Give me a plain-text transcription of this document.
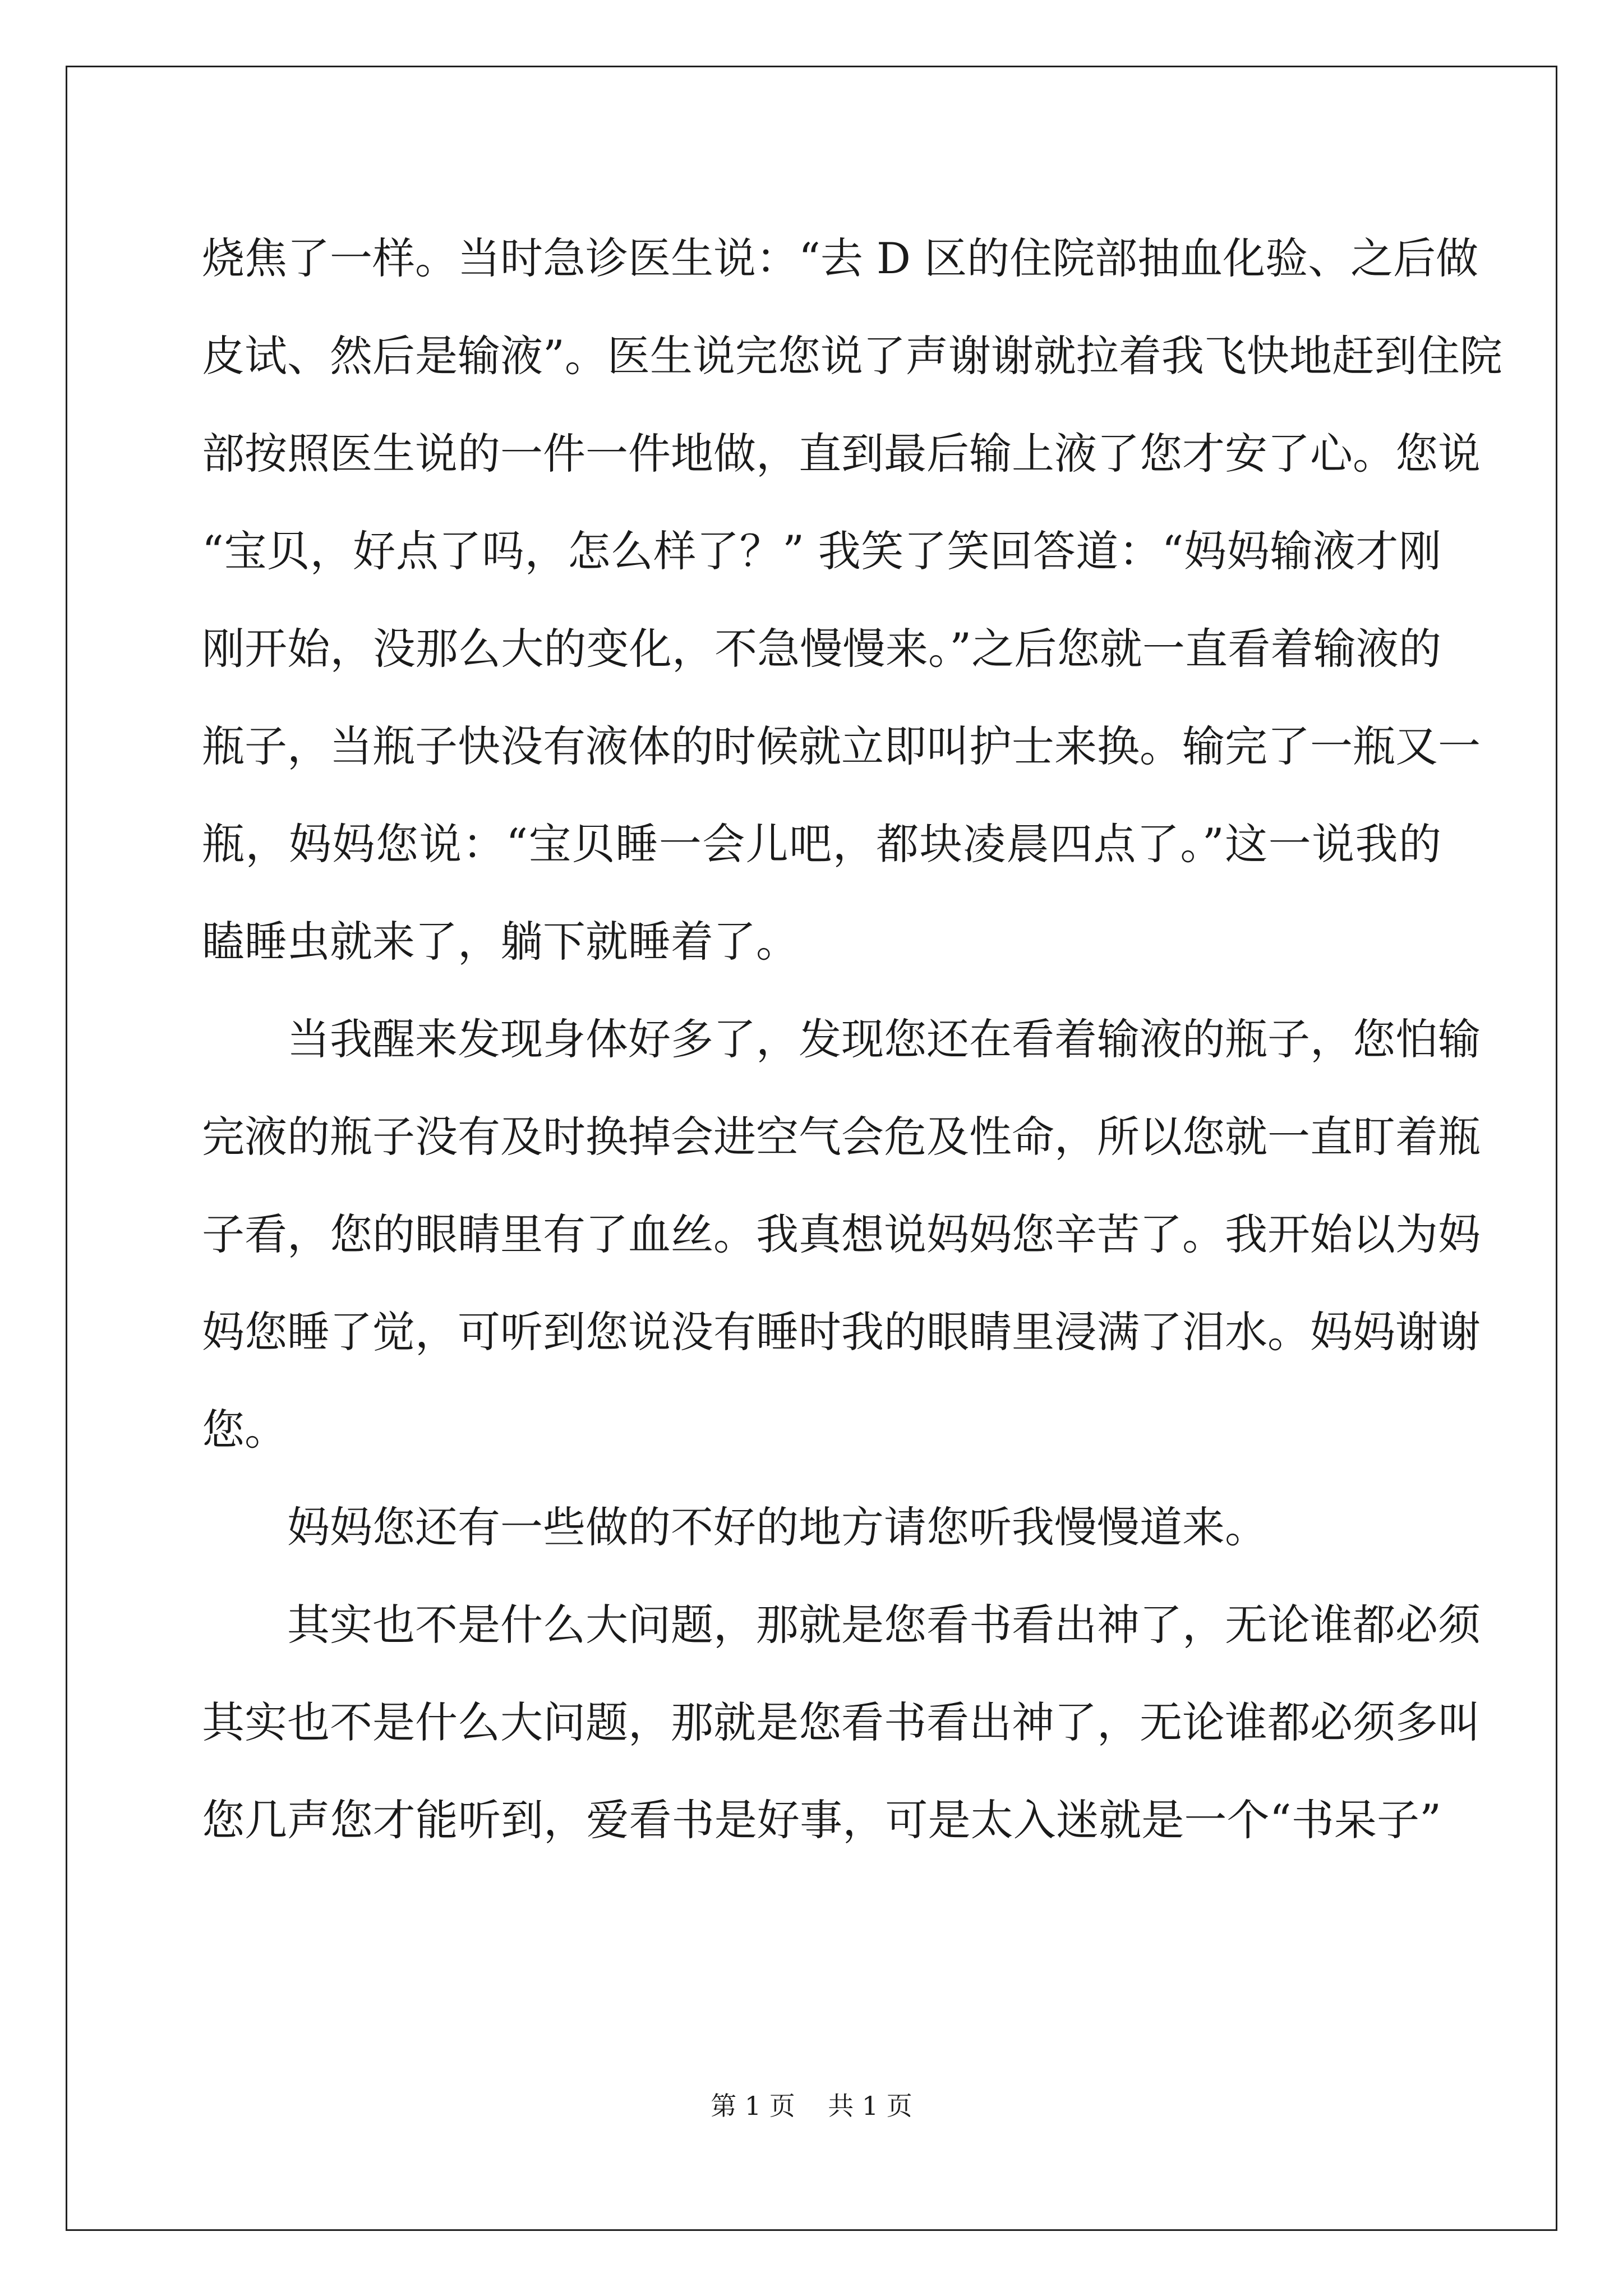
烧焦了一样。当时急诊医生说：“去 D 区的住院部抽血化验、之后做
皮试、然后是输液”。医生说完您说了声谢谢就拉着我飞快地赶到住院
部按照医生说的一件一件地做，直到最后输上液了您才安了心。您说
“宝贝，好点了吗，怎么样了？” 我笑了笑回答道：“妈妈输液才刚
刚开始，没那么大的变化，不急慢慢来。”之后您就一直看着输液的
瓶子，当瓶子快没有液体的时候就立即叫护士来换。输完了一瓶又一
瓶，妈妈您说：“宝贝睡一会儿吧，都块凌晨四点了。”这一说我的
瞌睡虫就来了，躺下就睡着了。
当我醒来发现身体好多了，发现您还在看着输液的瓶子，您怕输
完液的瓶子没有及时换掉会进空气会危及性命，所以您就一直盯着瓶
子看，您的眼睛里有了血丝。我真想说妈妈您辛苦了。我开始以为妈
妈您睡了觉，可听到您说没有睡时我的眼睛里浸满了泪水。妈妈谢谢
您。
妈妈您还有一些做的不好的地方请您听我慢慢道来。
其实也不是什么大问题，那就是您看书看出神了，无论谁都必须
其实也不是什么大问题，那就是您看书看出神了，无论谁都必须多叫
您几声您才能听到，爱看书是好事，可是太入迷就是一个“书呆子”
第 1 页    共 1 页
